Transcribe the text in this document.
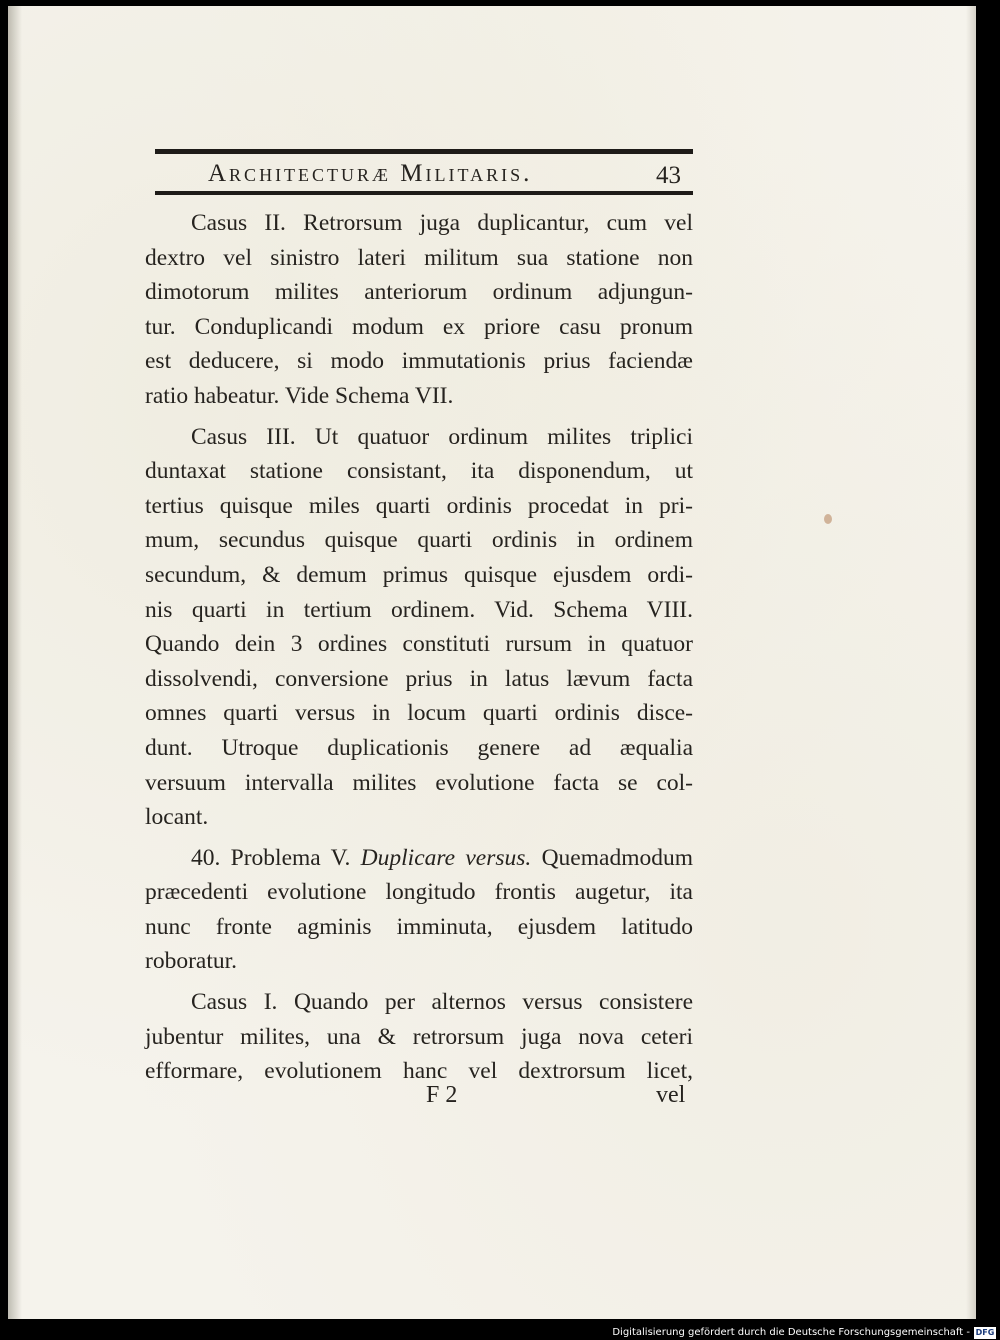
Architecturæ Militaris.	43
Casus II. Retrorsum juga duplicantur, cum vel
dextro vel sinistro lateri militum sua statione non
dimotorum milites anteriorum ordinum adjungun-
tur. Conduplicandi modum ex priore casu pronum
est deducere, si modo immutationis prius faciendæ
ratio habeatur. Vide Schema VII.
Casus III. Ut quatuor ordinum milites triplici
duntaxat statione consistant, ita disponendum, ut
tertius quisque miles quarti ordinis procedat in pri-
mum, secundus quisque quarti ordinis in ordinem
secundum, & demum primus quisque ejusdem ordi-
nis quarti in tertium ordinem. Vid. Schema VIII.
Quando dein 3 ordines constituti rursum in quatuor
dissolvendi, conversione prius in latus lævum facta
omnes quarti versus in locum quarti ordinis disce-
dunt. Utroque duplicationis genere ad æqualia
versuum intervalla milites evolutione facta se col-
locant.
40. Problema V. Duplicare versus. Quemadmodum
præcedenti evolutione longitudo frontis augetur, ita
nunc fronte agminis imminuta, ejusdem latitudo
roboratur.
Casus I. Quando per alternos versus consistere
jubentur milites, una & retrorsum juga nova ceteri
efformare, evolutionem hanc vel dextrorsum licet,
F 2	vel
Digitalisierung gefördert durch die Deutsche Forschungsgemeinschaft - DFG
